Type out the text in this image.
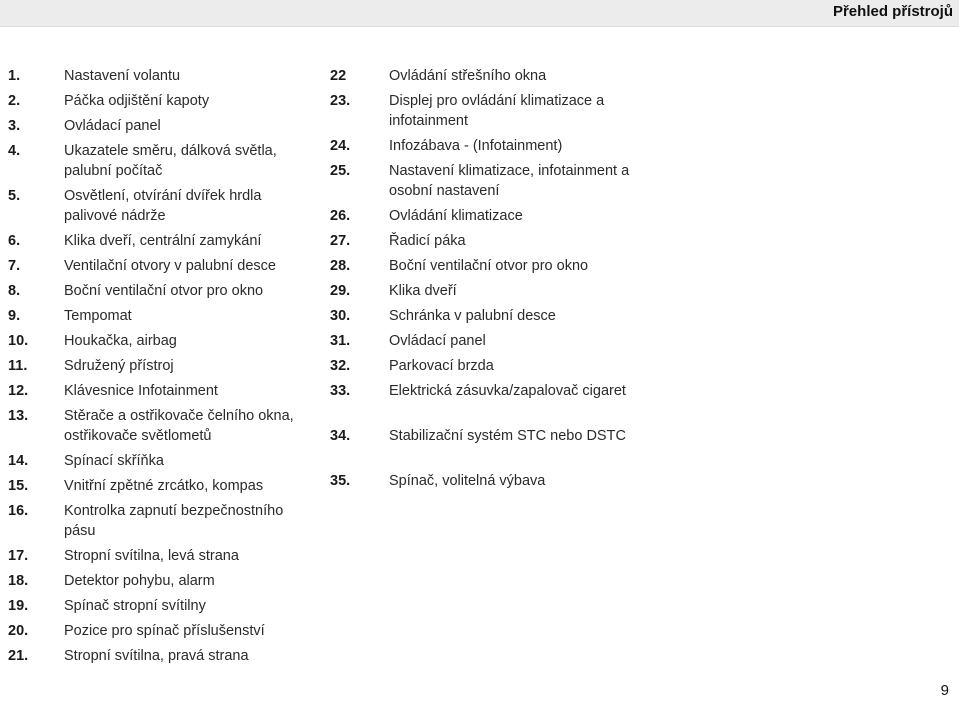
Přehled přístrojů
1.	Nastavení volantu
2.	Páčka odjištění kapoty
3.	Ovládací panel
4.	Ukazatele směru, dálková světla, palubní počítač
5.	Osvětlení, otvírání dvířek hrdla palivové nádrže
6.	Klika dveří, centrální zamykání
7.	Ventilační otvory v palubní desce
8.	Boční ventilační otvor pro okno
9.	Tempomat
10.	Houkačka, airbag
11.	Sdružený přístroj
12.	Klávesnice Infotainment
13.	Stěrače a ostřikovače čelního okna, ostřikovače světlometů
14.	Spínací skříňka
15.	Vnitřní zpětné zrcátko, kompas
16.	Kontrolka zapnutí bezpečnostního pásu
17.	Stropní svítilna, levá strana
18.	Detektor pohybu, alarm
19.	Spínač stropní svítilny
20.	Pozice pro spínač příslušenství
21.	Stropní svítilna, pravá strana
22	Ovládání střešního okna
23.	Displej pro ovládání klimatizace a infotainment
24.	Infozábava - (Infotainment)
25.	Nastavení klimatizace, infotainment a osobní nastavení
26.	Ovládání klimatizace
27.	Řadicí páka
28.	Boční ventilační otvor pro okno
29.	Klika dveří
30.	Schránka v palubní desce
31.	Ovládací panel
32.	Parkovací brzda
33.	Elektrická zásuvka/zapalovač cigaret
34.	Stabilizační systém STC nebo DSTC
35.	Spínač, volitelná výbava
9
